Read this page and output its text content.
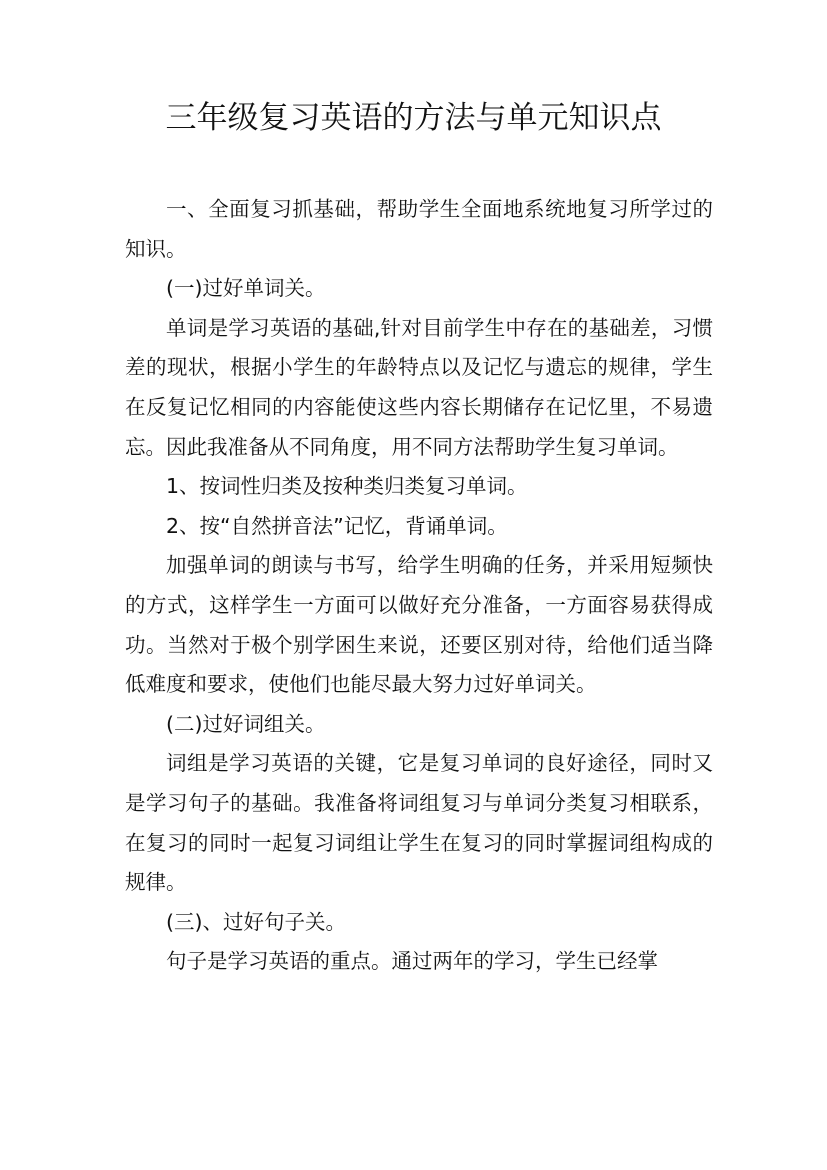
三年级复习英语的方法与单元知识点

一、全面复习抓基础，帮助学生全面地系统地复习所学过的知识。

(一)过好单词关。

单词是学习英语的基础,针对目前学生中存在的基础差，习惯差的现状，根据小学生的年龄特点以及记忆与遗忘的规律，学生在反复记忆相同的内容能使这些内容长期储存在记忆里，不易遗忘。因此我准备从不同角度，用不同方法帮助学生复习单词。

1、按词性归类及按种类归类复习单词。

2、按“自然拼音法”记忆，背诵单词。

加强单词的朗读与书写，给学生明确的任务，并采用短频快的方式，这样学生一方面可以做好充分准备，一方面容易获得成功。当然对于极个别学困生来说，还要区别对待，给他们适当降低难度和要求，使他们也能尽最大努力过好单词关。

(二)过好词组关。

词组是学习英语的关键，它是复习单词的良好途径，同时又是学习句子的基础。我准备将词组复习与单词分类复习相联系，在复习的同时一起复习词组让学生在复习的同时掌握词组构成的规律。

(三)、过好句子关。

句子是学习英语的重点。通过两年的学习，学生已经掌
